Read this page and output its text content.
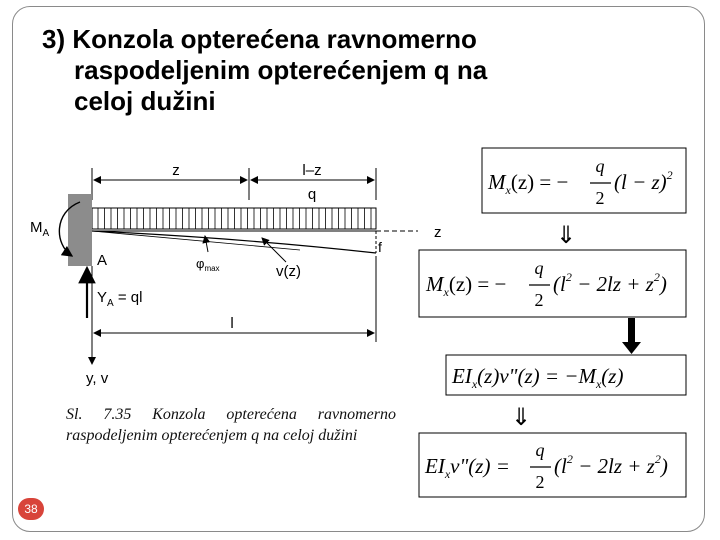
3) Konzola opterećena ravnomerno
raspodeljenim opterećenjem q na
celoj dužini
z	l–z
q
z
f
$M_A$
A	$\varphi_{max}$	v(z)
$Y_A$ = ql
l
y, v
$M_x(z)$ = −
q
2
$(l - z)^2$
⇓
$M_x(z)$ = −
q
2
$(l^2 - 2lz + z^2)$
$EI_x(z)v"(z) = -M_x(z)$
⇓
$EI_xv"(z)$ =
q
2
$(l^2 - 2lz + z^2)$
Sl. 7.35 Konzola opterećena ravnomerno raspodeljenim opterećenjem q na celoj dužini
38
